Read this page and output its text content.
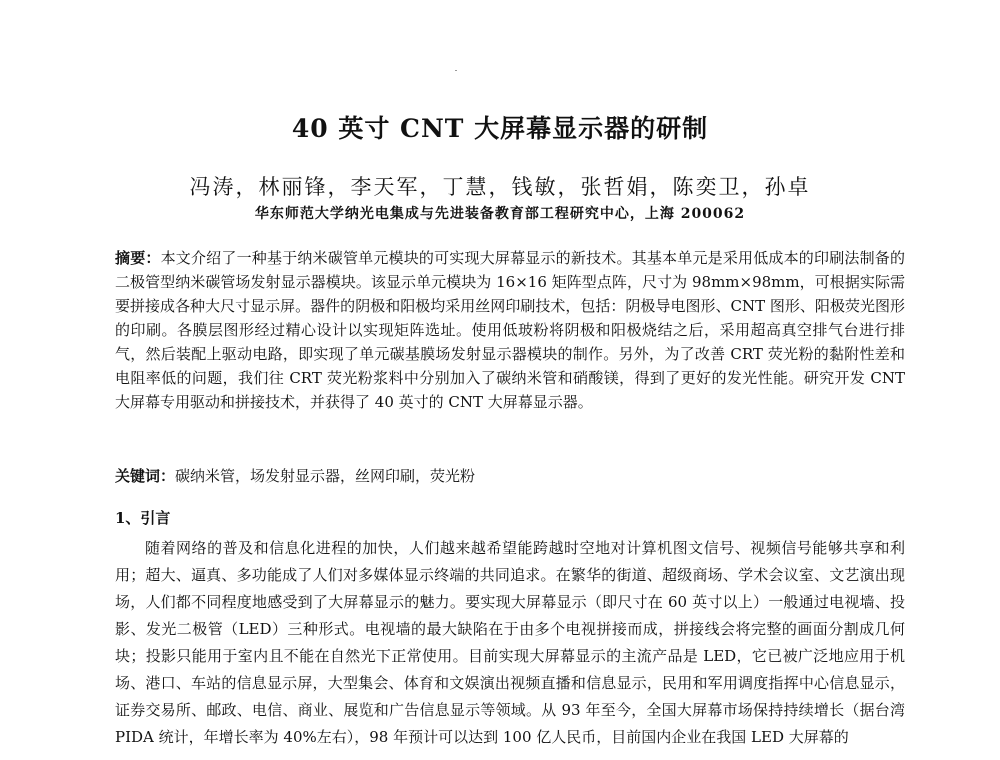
40 英寸 CNT 大屏幕显示器的研制
冯涛，林丽锋，李天军，丁慧，钱敏，张哲娟，陈奕卫，孙卓
华东师范大学纳光电集成与先进装备教育部工程研究中心，上海 200062
摘要：本文介绍了一种基于纳米碳管单元模块的可实现大屏幕显示的新技术。其基本单元是采用低成本的印刷法制备的二极管型纳米碳管场发射显示器模块。该显示单元模块为 16×16 矩阵型点阵，尺寸为 98mm×98mm，可根据实际需要拼接成各种大尺寸显示屏。器件的阴极和阳极均采用丝网印刷技术，包括：阴极导电图形、CNT 图形、阳极荧光图形的印刷。各膜层图形经过精心设计以实现矩阵选址。使用低玻粉将阴极和阳极烧结之后，采用超高真空排气台进行排气，然后装配上驱动电路，即实现了单元碳基膜场发射显示器模块的制作。另外，为了改善 CRT 荧光粉的黏附性差和电阻率低的问题，我们往 CRT 荧光粉浆料中分别加入了碳纳米管和硝酸镁，得到了更好的发光性能。研究开发 CNT 大屏幕专用驱动和拼接技术，并获得了 40 英寸的 CNT 大屏幕显示器。
关键词：碳纳米管，场发射显示器，丝网印刷，荧光粉
1、引言
随着网络的普及和信息化进程的加快，人们越来越希望能跨越时空地对计算机图文信号、视频信号能够共享和利用；超大、逼真、多功能成了人们对多媒体显示终端的共同追求。在繁华的街道、超级商场、学术会议室、文艺演出现场，人们都不同程度地感受到了大屏幕显示的魅力。要实现大屏幕显示（即尺寸在 60 英寸以上）一般通过电视墙、投影、发光二极管（LED）三种形式。电视墙的最大缺陷在于由多个电视拼接而成，拼接线会将完整的画面分割成几何块；投影只能用于室内且不能在自然光下正常使用。目前实现大屏幕显示的主流产品是 LED，它已被广泛地应用于机场、港口、车站的信息显示屏，大型集会、体育和文娱演出视频直播和信息显示，民用和军用调度指挥中心信息显示，证券交易所、邮政、电信、商业、展览和广告信息显示等领域。从 93 年至今，全国大屏幕市场保持持续增长（据台湾 PIDA 统计，年增长率为 40%左右），98 年预计可以达到 100 亿人民币，目前国内企业在我国 LED 大屏幕的
